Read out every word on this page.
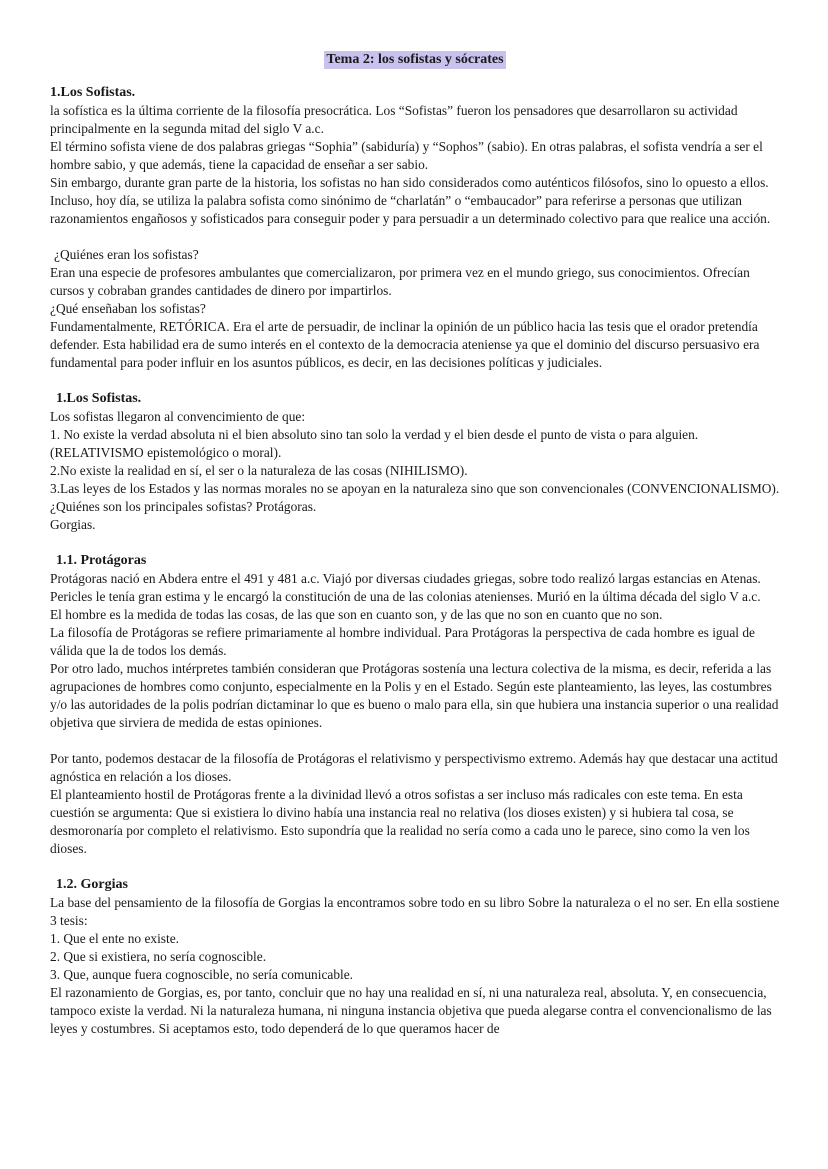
Tema 2: los sofistas y sócrates

1.Los Sofistas.

la sofística es la última corriente de la filosofía presocrática. Los “Sofistas” fueron los pensadores que desarrollaron su actividad principalmente en la segunda mitad del siglo V a.c.

El término sofista viene de dos palabras griegas “Sophia” (sabiduría) y “Sophos” (sabio). En otras palabras, el sofista vendría a ser el hombre sabio, y que además, tiene la capacidad de enseñar a ser sabio.

Sin embargo, durante gran parte de la historia, los sofistas no han sido considerados como auténticos filósofos, sino lo opuesto a ellos. Incluso, hoy día, se utiliza la palabra sofista como sinónimo de “charlatán” o “embaucador” para referirse a personas que utilizan razonamientos engañosos y sofisticados para conseguir poder y para persuadir a un determinado colectivo para que realice una acción.

¿Quiénes eran los sofistas?

Eran una especie de profesores ambulantes que comercializaron, por primera vez en el mundo griego, sus conocimientos. Ofrecían cursos y cobraban grandes cantidades de dinero por impartirlos.

¿Qué enseñaban los sofistas?

Fundamentalmente, RETÓRICA. Era el arte de persuadir, de inclinar la opinión de un público hacia las tesis que el orador pretendía defender. Esta habilidad era de sumo interés en el contexto de la democracia ateniense ya que el dominio del discurso persuasivo era fundamental para poder influir en los asuntos públicos, es decir, en las decisiones políticas y judiciales.

1.Los Sofistas.

Los sofistas llegaron al convencimiento de que:

1. No existe la verdad absoluta ni el bien absoluto sino tan solo la verdad y el bien desde el punto de vista o para alguien. (RELATIVISMO epistemológico o moral).

2.No existe la realidad en sí, el ser o la naturaleza de las cosas (NIHILISMO).

3.Las leyes de los Estados y las normas morales no se apoyan en la naturaleza sino que son convencionales (CONVENCIONALISMO).

¿Quiénes son los principales sofistas? Protágoras.

Gorgias.

1.1. Protágoras

Protágoras nació en Abdera entre el 491 y 481 a.c. Viajó por diversas ciudades griegas, sobre todo realizó largas estancias en Atenas. Pericles le tenía gran estima y le encargó la constitución de una de las colonias atenienses. Murió en la última década del siglo V a.c.

El hombre es la medida de todas las cosas, de las que son en cuanto son, y de las que no son en cuanto que no son.

La filosofía de Protágoras se refiere primariamente al hombre individual. Para Protágoras la perspectiva de cada hombre es igual de válida que la de todos los demás.

Por otro lado, muchos intérpretes también consideran que Protágoras sostenía una lectura colectiva de la misma, es decir, referida a las agrupaciones de hombres como conjunto, especialmente en la Polis y en el Estado. Según este planteamiento, las leyes, las costumbres y/o las autoridades de la polis podrían dictaminar lo que es bueno o malo para ella, sin que hubiera una instancia superior o una realidad objetiva que sirviera de medida de estas opiniones.

Por tanto, podemos destacar de la filosofía de Protágoras el relativismo y perspectivismo extremo. Además hay que destacar una actitud agnóstica en relación a los dioses.

El planteamiento hostil de Protágoras frente a la divinidad llevó a otros sofistas a ser incluso más radicales con este tema. En esta cuestión se argumenta: Que si existiera lo divino había una instancia real no relativa (los dioses existen) y si hubiera tal cosa, se desmoronaría por completo el relativismo. Esto supondría que la realidad no sería como a cada uno le parece, sino como la ven los dioses.

1.2. Gorgias

La base del pensamiento de la filosofía de Gorgias la encontramos sobre todo en su libro Sobre la naturaleza o el no ser. En ella sostiene 3 tesis:

1. Que el ente no existe.

2. Que si existiera, no sería cognoscible.

3. Que, aunque fuera cognoscible, no sería comunicable.

El razonamiento de Gorgias, es, por tanto, concluir que no hay una realidad en sí, ni una naturaleza real, absoluta. Y, en consecuencia, tampoco existe la verdad. Ni la naturaleza humana, ni ninguna instancia objetiva que pueda alegarse contra el convencionalismo de las leyes y costumbres. Si aceptamos esto, todo dependerá de lo que queramos hacer de
